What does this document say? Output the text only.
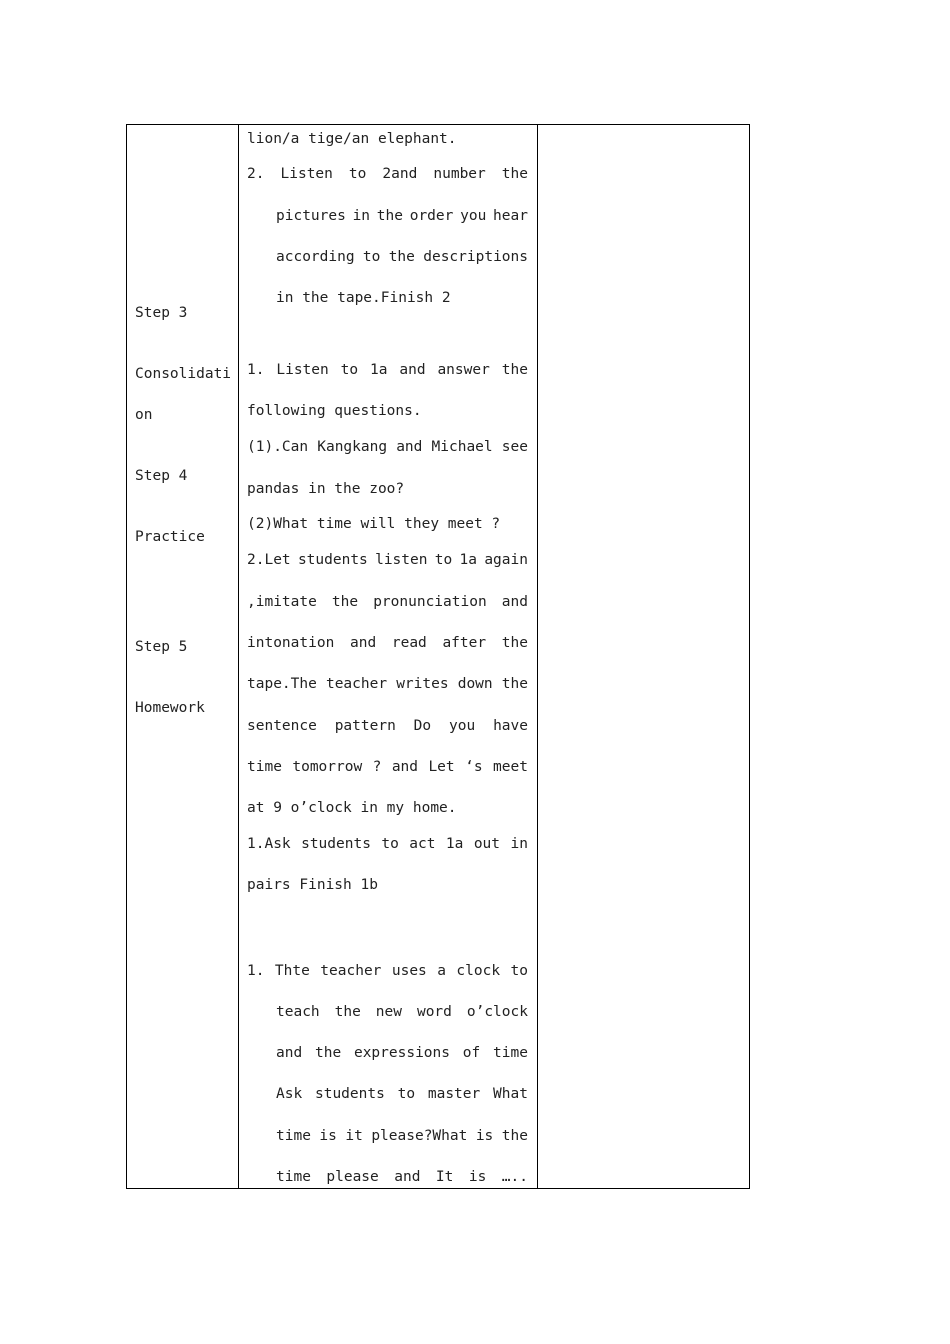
Step 3
Consolidati
on
Step 4
Practice
Step 5
Homework
lion/a tige/an elephant.
2. Listen to 2and number the
pictures in the order you hear
according to the descriptions
in the tape.Finish 2
1. Listen to 1a and answer the
following questions.
(1).Can Kangkang and Michael see
pandas in the zoo?
(2)What time will they meet ?
2.Let students listen to 1a again
,imitate the pronunciation and
intonation and read after the
tape.The teacher writes down the
sentence pattern Do you have
time tomorrow ? and Let ‘s meet
at 9 o’clock in my home.
1.Ask students to act 1a out in
pairs Finish 1b
1. Thte teacher uses a clock to
teach the new word o’clock
and the expressions of time
Ask students to master What
time is it please?What is the
time please and It is …..
